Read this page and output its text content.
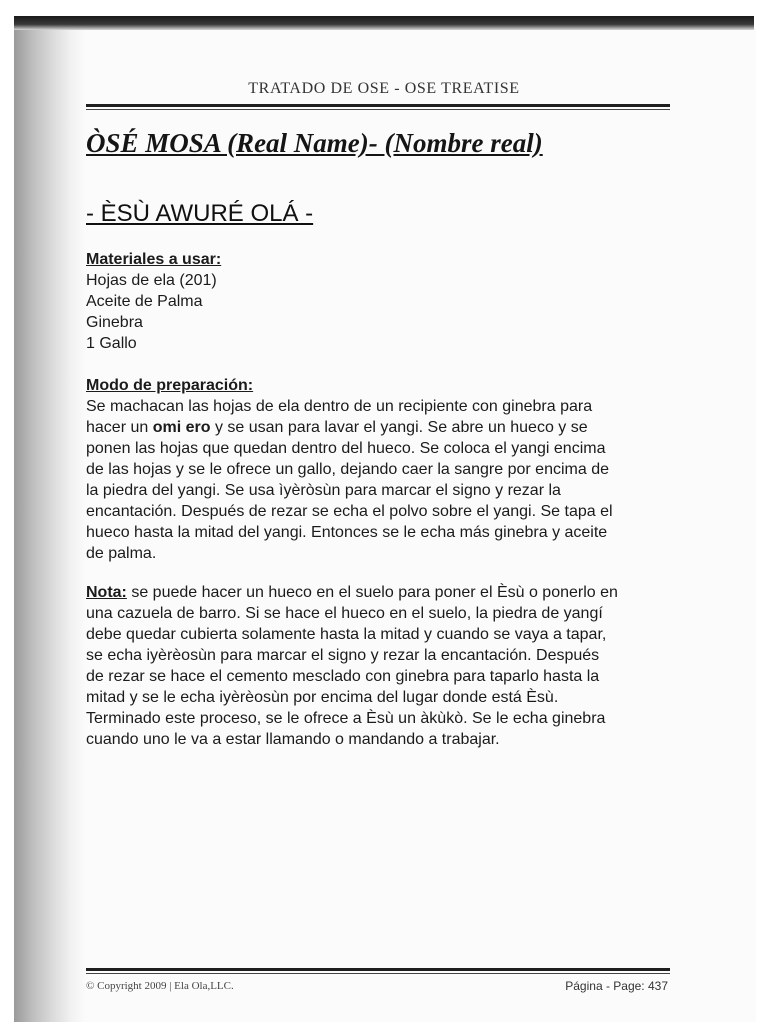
TRATADO DE OSE - OSE TREATISE
ÒSÉ MOSA (Real Name)- (Nombre real)
- ÈSÙ AWURÉ OLÁ -
Materiales a usar:
Hojas de ela (201)
Aceite de Palma
Ginebra
1 Gallo
Modo de preparación:
Se machacan las hojas de ela dentro de un recipiente con ginebra para
hacer un omi ero y se usan para lavar el yangi. Se abre un hueco y se
ponen las hojas que quedan dentro del hueco. Se coloca el yangi encima
de las hojas y se le ofrece un gallo, dejando caer la sangre por encima de
la piedra del yangi. Se usa ìyèròsùn para marcar el signo y rezar la
encantación. Después de rezar se echa el polvo sobre el yangi. Se tapa el
hueco hasta la mitad del yangi. Entonces se le echa más ginebra y aceite
de palma.
Nota: se puede hacer un hueco en el suelo para poner el Èsù o ponerlo en
una cazuela de barro. Si se hace el hueco en el suelo, la piedra de yangí
debe quedar cubierta solamente hasta la mitad y cuando se vaya a tapar,
se echa iyèrèosùn para marcar el signo y rezar la encantación. Después
de rezar se hace el cemento mesclado con ginebra para taparlo hasta la
mitad y se le echa iyèrèosùn por encima del lugar donde está Èsù.
Terminado este proceso, se le ofrece a Èsù un àkùkò. Se le echa ginebra
cuando uno le va a estar llamando o mandando a trabajar.
© Copyright 2009 | Ela Ola,LLC.	Página - Page: 437
